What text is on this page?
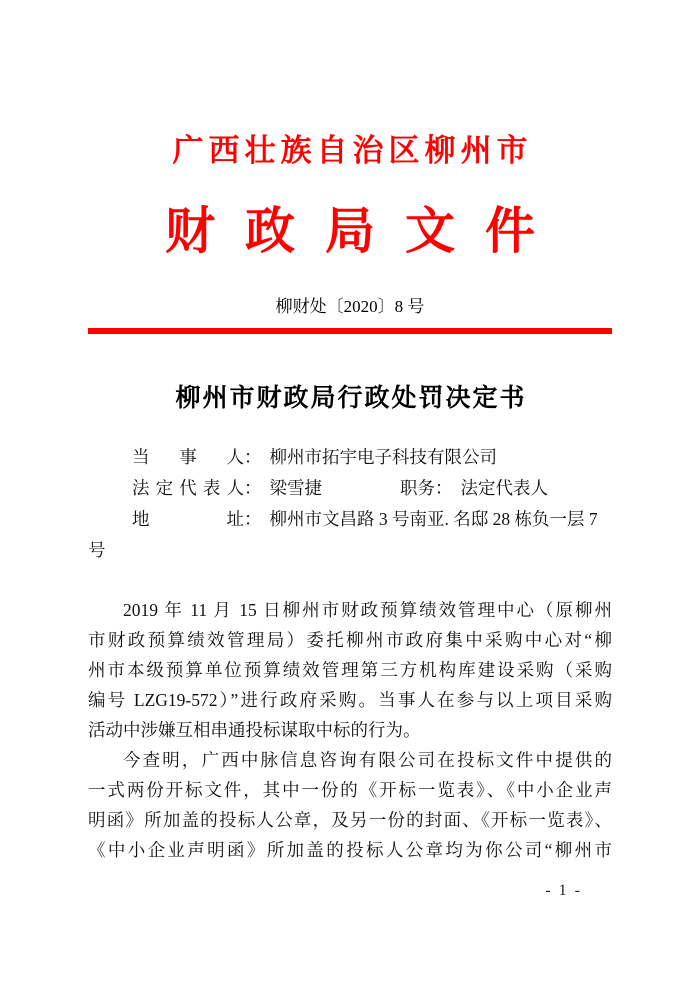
广西壮族自治区柳州市
财政局文件
柳财处〔2020〕8 号
柳州市财政局行政处罚决定书
当 事 人 ： 柳州市拓宇电子科技有限公司
法 定 代 表 人 ： 梁雪捷	职务： 法定代表人
地	址 ： 柳州市文昌路 3 号南亚. 名邸 28 栋负一层 7
号
2019 年 11 月 15 日柳州市财政预算绩效管理中心（原柳州
市财政预算绩效管理局）委托柳州市政府集中采购中心对“柳
州市本级预算单位预算绩效管理第三方机构库建设采购（采购
编号 LZG19-572）”进行政府采购。当事人在参与以上项目采购
活动中涉嫌互相串通投标谋取中标的行为。
今查明，广西中脉信息咨询有限公司在投标文件中提供的
一式两份开标文件，其中一份的《开标一览表》、《中小企业声
明函》所加盖的投标人公章，及另一份的封面、《开标一览表》、
《中小企业声明函》所加盖的投标人公章均为你公司“柳州市
- 1 -
